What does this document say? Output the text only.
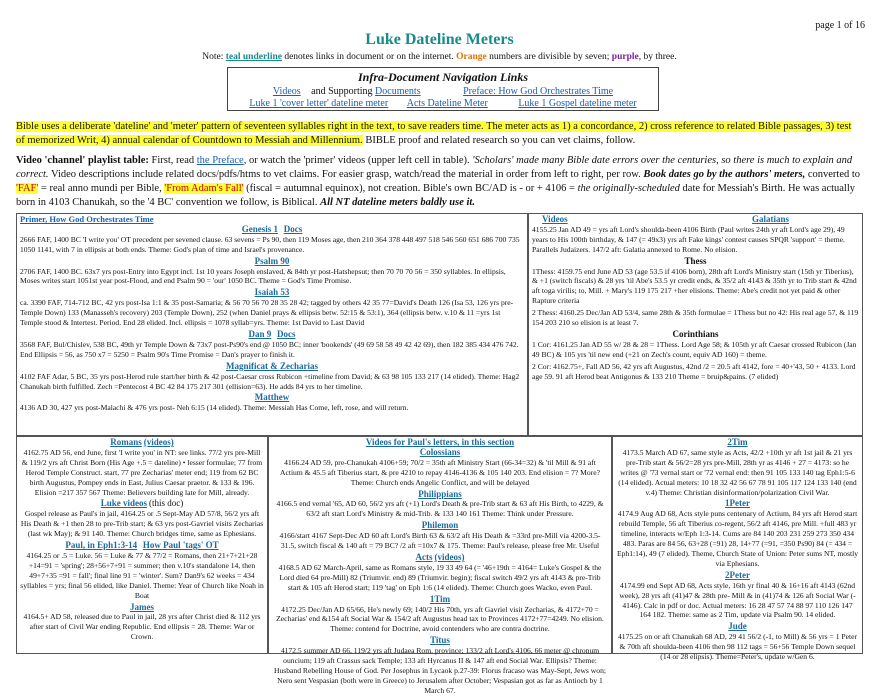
page 1 of 16
Luke Dateline Meters
Note: teal underline denotes links in document or on the internet. Orange numbers are divisible by seven; purple, by three.
Infra-Document Navigation Links
Videos and Supporting Documents	Preface: How God Orchestrates Time
Luke 1 'cover letter' dateline meter Acts Dateline Meter	Luke 1 Gospel dateline meter
Bible uses a deliberate 'dateline' and 'meter' pattern of seventeen syllables right in the text, to save readers time. The meter acts as 1) a concordance, 2) cross reference to related Bible passages, 3) test of memorized Writ, 4) annual calendar of Countdown to Messiah and Millennium. BIBLE proof and related research so you can vet claims, follow.
Video 'channel' playlist table: First, read the Preface, or watch the 'primer' videos (upper left cell in table). 'Scholars' made many Bible date errors over the centuries, so there is much to explain and correct. Video descriptions include related docs/pdfs/htms to vet claims. For easier grasp, watch/read the material in order from left to right, per row. Book dates go by the authors' meters, converted to 'FAF' = real anno mundi per Bible, 'From Adam's Fall' (fiscal = autumnal equinox), not creation. Bible's own BC/AD is - or + 4106 = the originally-scheduled date for Messiah's Birth. He was actually born in 4103 Chanukah, so the '4 BC' convention we follow, is Biblical. All NT dateline meters baldly use it.
Primer, How God Orchestrates Time
Genesis 1 Docs

2666 FAF, 1400 BC 'I write you' OT precedent per sevened clause. 63 sevens = Ps 90, then 119 Moses age, then 210 364 378 448 497 518 546 560 651 686 700 735 1050 1141, with 7 in ellipsis at both ends. Theme: God's plan of time and Israel's provenance.

Psalm 90

2706 FAF, 1400 BC. 63x7 yrs post-Entry into Egypt incl. 1st 10 years Joseph enslaved, & 84th yr post-Hatshepsut; then 70 70 70 56 = 350 syllables. In ellipsis, Moses writes start 1051st year post-Flood, and end Psalm 90 = 'our' 1050 BC. Theme = God's Time Promise.

Isaiah 53

ca. 3390 FAF, 714-712 BC, 42 yrs post-Isa 1:1 & 35 post-Samaria; & 56 70 56 70 28 35 28 42; tagged by others 42 35 77=David's Death 126 (Isa 53, 126 yrs pre-Temple Down) 133 (Manasseh's recovery) 203 (Temple Down), 252 (when Daniel prays & ellipsis betw. 52:15 & 53:1), 364 (ellipsis betw. v.10 & 11 =yrs 1st Temple stood & Intertest. Period. End 28 elided. Incl. ellipsis = 1078 syllab=yrs. Theme: 1st David to Last David

Dan 9 Docs

3568 FAF, Bul/Chislev, 538 BC, 49th yr Temple Down & 73x7 post-Ps90's end @ 1050 BC; inner 'bookends' (49 69 58 58 49 42 42 69), then 182 385 434 476 742. End Ellipsis = 56, as 750 x7 = 5250 = Psalm 90's Time Promise = Dan's prayer to finish it.

Magnificat & Zecharias

4102 FAF Adar, 5 BC, 35 yrs post-Herod rule start/her birth & 42 post-Caesar cross Rubicon +timeline from David; & 63 98 105 133 217 (14 elided). Theme: Hag2 Chanukah birth fulfilled. Zech =Pentecost 4 BC 42 84 175 217 301 (ellision=63). He adds 84 yrs to her timeline.

Matthew

4136 AD 30, 427 yrs post-Malachi & 476 yrs post- Neh 6:15 (14 elided). Theme: Messiah Has Come, left, rose, and will return.

Videos	Galatians

4155.25 Jan AD 49 = yrs aft Lord's shoulda-been 4106 Birth (Paul writes 24th yr aft Lord's age 29), 49 years to His 100th birthday, & 147 (= 49x3) yrs aft Fake kings' contest causes SPQR 'support' = theme. Parallels Judaizers. 147/2 aft: Galatia annexed to Rome. No elision.

Thess

1Thess: 4159.75 end June AD 53 (age 53.5 if 4106 born), 28th aft Lord's Ministry start (15th yr Tiberius), & +1 (switch fiscals) & 28 yrs 'til Abe's 53.5 yr credit ends, & 35/2 aft 4143 & 35th yr to Trib start & 42nd aft toga virilis; to, Mill. + Mary's 119 175 217 +her elisions. Theme: Abe's credit not yet paid & other Rapture criteria

2 Thess: 4160.25 Dec/Jan AD 53/4, same 28th & 35th formulae = 1Thess but no 42: His real age 57, & 119 154 203 210 so elision is at least 7.

Corinthians

1 Cor: 4161.25 Jan AD 55 w/ 28 & 28 = 1Thess. Lord Age 58; & 105th yr aft Caesar crossed Rubicon (Jan 49 BC) & 105 yrs 'til new end (+21 on Zech's count, equiv AD 160) = theme.

2 Cor: 4162.75+, Fall AD 56, 42 yrs aft Augustus, 42nd /2 = 20.5 aft 4142, fore = 40+'43, 50 + 4133. Lord age 59. 91 aft Herod beat Antigonus & 133 210 Theme = bruip&pains. (7 elided)

Romans (videos)

4162.75 AD 56, end June, first 'I write you' in NT: see links. 77/2 yrs pre-Mill & 119/2 yrs aft Christ Born (His Age +.5 = dateline) • lesser formulae; 77 from Herod Temple Construct. start, 77 pre Zecharias' meter end; 119 from 62 BC birth Augustus, Pompey ends in East, Julius Caesar praetor. & 133 & 196. Elision =217 357 567 Theme: Believers building late for Mill, already.

Luke videos (this doc)

Gospel release as Paul's in jail, 4164.25 or .5 Sept-May AD 57/8, 56/2 yrs aft His Death & +1 then 28 to pre-Trib start; & 63 yrs post-Gavriel visits Zecharias (last wk May); & 91 140. Theme: Church bridges time, same as Ephesians.

Paul, in Eph1:3-14 How Paul 'tags' OT

4164.25 or .5 = Luke. 56 = Luke & 77 & 77/2 = Romans, then 21+7+21+28 +14=91 = 'spring'; 28+56+7+91 = summer; then v.10's standalone 14, then 49+7+35 =91 = fall'; final line 91 = 'winter'. Sum? Dan9's 62 weeks = 434 syllables = yrs; final 56 elided, like Daniel. Theme: Year of Church like Noah in Boat

James

4164.5+ AD 58, released due to Paul in jail, 28 yrs after Christ died & 112 yrs after start of Civil War ending Republic. End ellipsis = 28. Theme: War or Crown.

Videos for Paul's letters, in this section
Colossians

4166.24 AD 59, pre-Chanukah 4106+59; 70/2 = 35th aft Ministry Start (66-34=32) & 'til Mill & 91 aft Actium & 45.5 aft Tiberius start, & pre 4210 to repay 4146-4136 & 105 140 203. End elision = 7? More? Theme: Church ends Angelic Conflict, and will be delayed

Philippians

4166.5 end vernal '65, AD 60, 56/2 yrs aft (+1) Lord's Death & pre-Trib start & 63 aft His Birth, to 4229, & 63/2 aft start Lord's Ministry & mid-Trib. & 133 140 161 Theme: Think under Pressure.

Philemon

4166/start 4167 Sept-Dec AD 60 aft Lord's Birth 63 & 63/2 aft His Death & =33rd pre-Mill via 4200-3.5-31.5, switch fiscal & 140 aft = 79 BC? /2 aft =10x7 & 175. Theme: Paul's release, please free Mr. Useful

Acts (videos)

4168.5 AD 62 March-April, same as Romans style, 19 33 49 64 (= '46+19th = 4164= Luke's Gospel & the Lord died 64 pre-Mill) 82 (Triumvir. end) 89 (Triumvir. begin); fiscal switch 49/2 yrs aft 4143 & pre-Trib start & 105 aft Herod start; 119 'tag' on Eph 1:6 (14 elided). Theme: Church goes Wacko, even Paul.

1Tim

4172.25 Dec/Jan AD 65/66, He's newly 69; 140/2 His 70th, yrs aft Gavriel visit Zecharias, & 4172+70 = Zecharias' end &154 aft Social War & 154/2 aft Augustus head tax to Provinces 4172+77=4249. No elision. Theme: contend for Doctrine, avoid contenders who are contra doctrine.

Titus

4172.5 summer AD 66, 119/2 yrs aft Judaea Rom. province; 133/2 aft Lord's 4106, 66 meter @ chronum ouncium; 119 aft Crassus sack Temple; 133 aft Hyrcanus II & 147 aft end Social War. Ellipsis? Theme: Husband Rebelling House of God. Per Josephus in Lycaok p.27-39: Florus fracaso was May-Sept, Jews won; Nero sent Vespasian (both were in Greece) to Jerusalem after October; Vespasian got as far as Antioch by 1 March 67.

2Tim

4173.5 March AD 67, same style as Acts, 42/2 +10th yr aft 1st jail & 21 yrs pre-Trib start & 56/2=28 yrs pre-Mill, 28th yr as 4146 + 27 = 4173: so he writes @ '73 vernal start or '72 vernal end: then 91 105 133 140 tag Eph1:5-6 (14 elided). Actual meters: 10 18 32 42 56 67 78 91 105 117 124 133 140 (end v.4) Theme: Christian disinformation/polarization Civil War.

1Peter

4174.9 Aug AD 68, Acts style puns centenary of Actium, 84 yrs aft Herod start rebuild Temple, 56 aft Tiberius co-regent, 56/2 aft 4146, pre Mill. +full 483 yr timeline, interacts w/Eph 1:3-14. Cums are 84 140 203 231 259 273 350 434 483. Paras are 84 56, 63+28 (=91) 28, 14+77 (=91, =350 Ps90) 84 (= 434 = Eph1:14), 49 (7 elided). Theme, Church State of Union: Peter sums NT, mostly via Ephesians.

2Peter

4174.99 end Sept AD 68, Acts style, 16th yr final 40 & 16+16 aft 4143 (62nd week), 28 yrs aft (41)47 & 28th pre- Mill & in (41)74 & 126 aft Social War (- 4146). Calc in pdf or doc. Actual meters: 16 28 47 57 74 88 97 110 126 147 164 182. Theme: same as 2 Tim, update via Psalm 90. 14 elided.

Jude

4175.25 on or aft Chanukah 68 AD, 29 41 56/2 (-1, to Mill) & 56 yrs = 1 Peter & 70th aft shoulda-been 4106 then 98 112 tags = 56+56 Temple Down sequel (14 or 28 elipsis). Theme=Peter's, update w/Gen 6.
